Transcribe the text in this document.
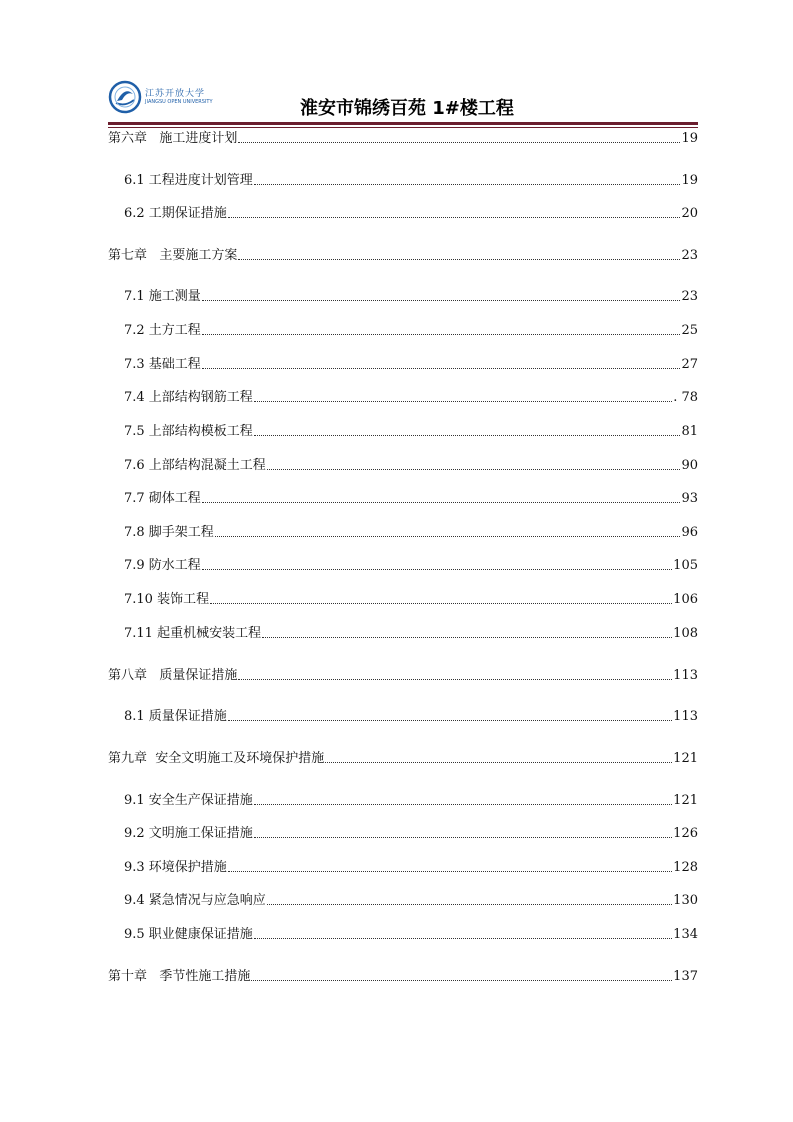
江苏开放大学
JIANGSU OPEN UNIVERSITY	淮安市锦绣百苑 1#楼工程
第六章   施工进度计划	19
6.1 工程进度计划管理	19
6.2 工期保证措施	20
第七章   主要施工方案	23
7.1 施工测量	23
7.2 土方工程	25
7.3 基础工程	27
7.4 上部结构钢筋工程	. 78
7.5 上部结构模板工程	81
7.6 上部结构混凝土工程	90
7.7 砌体工程	93
7.8 脚手架工程	96
7.9 防水工程	105
7.10 装饰工程	106
7.11 起重机械安装工程	108
第八章   质量保证措施	113
8.1 质量保证措施	113
第九章  安全文明施工及环境保护措施	121
9.1 安全生产保证措施	121
9.2 文明施工保证措施	126
9.3 环境保护措施	128
9.4 紧急情况与应急响应	130
9.5 职业健康保证措施	134
第十章   季节性施工措施	137
